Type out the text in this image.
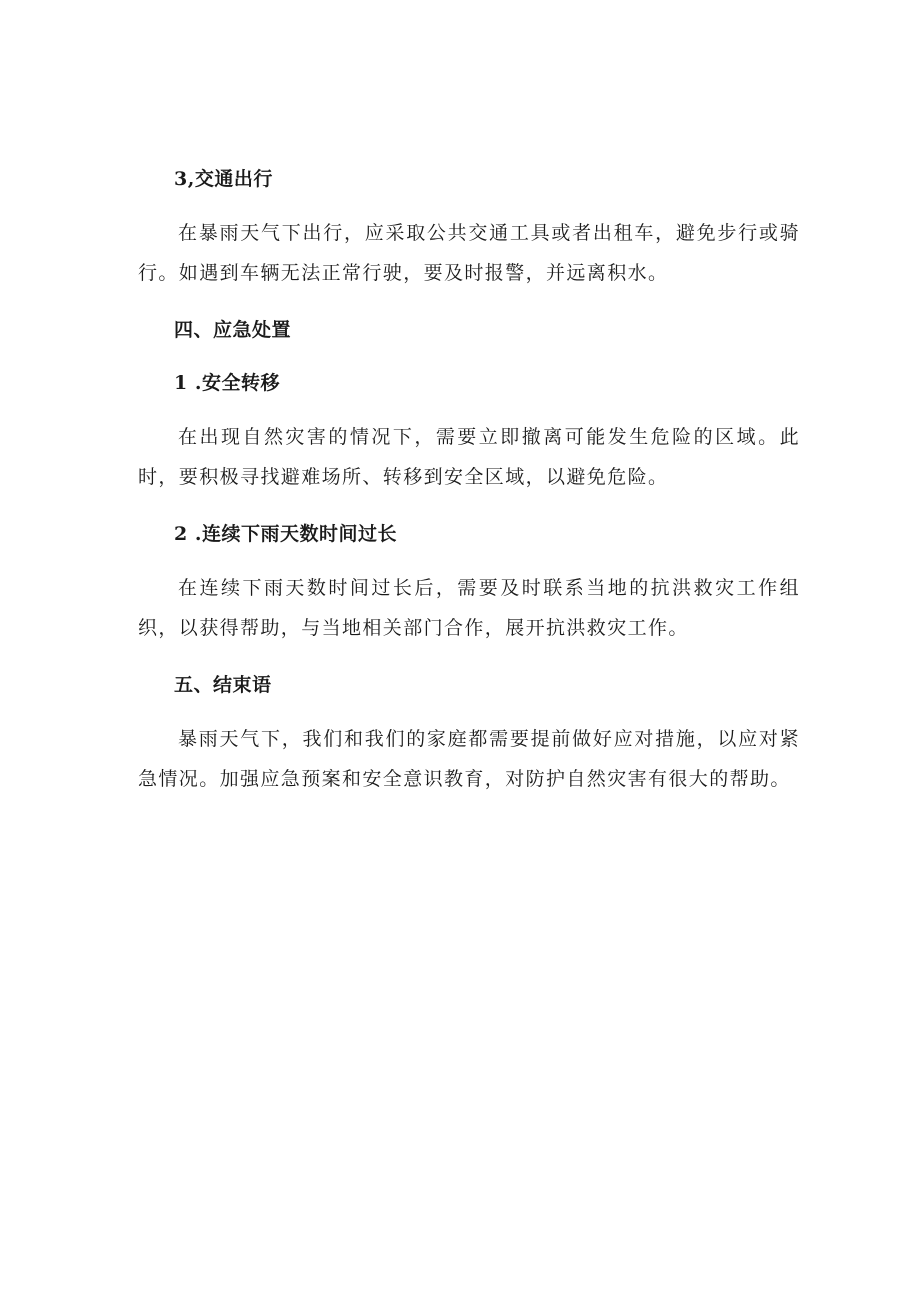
3,交通出行

在暴雨天气下出行，应采取公共交通工具或者出租车，避免步行或骑行。如遇到车辆无法正常行驶，要及时报警，并远离积水。

四、应急处置
1 .安全转移

在出现自然灾害的情况下，需要立即撤离可能发生危险的区域。此时，要积极寻找避难场所、转移到安全区域，以避免危险。

2 .连续下雨天数时间过长

在连续下雨天数时间过长后，需要及时联系当地的抗洪救灾工作组织，以获得帮助，与当地相关部门合作，展开抗洪救灾工作。

五、结束语

暴雨天气下，我们和我们的家庭都需要提前做好应对措施，以应对紧急情况。加强应急预案和安全意识教育，对防护自然灾害有很大的帮助。
